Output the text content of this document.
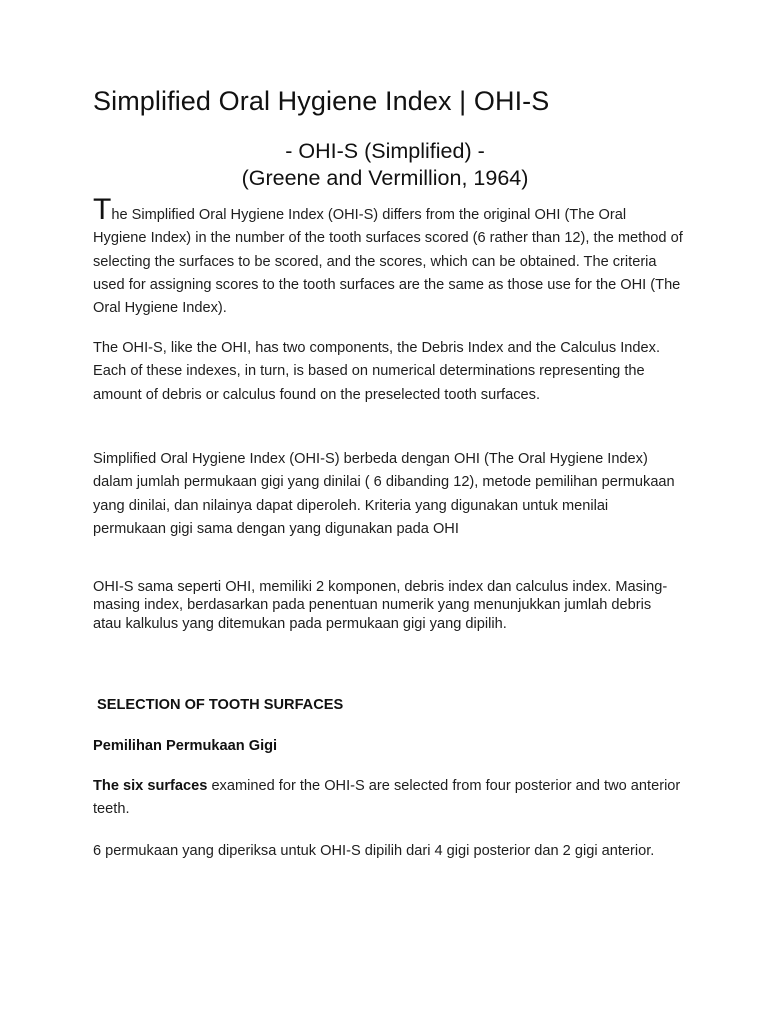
Simplified Oral Hygiene Index | OHI-S
- OHI-S (Simplified) -
(Greene and Vermillion, 1964)

The Simplified Oral Hygiene Index (OHI-S) differs from the original OHI (The Oral Hygiene Index) in the number of the tooth surfaces scored (6 rather than 12), the method of selecting the surfaces to be scored, and the scores, which can be obtained. The criteria used for assigning scores to the tooth surfaces are the same as those use for the OHI (The Oral Hygiene Index).

The OHI-S, like the OHI, has two components, the Debris Index and the Calculus Index. Each of these indexes, in turn, is based on numerical determinations representing the amount of debris or calculus found on the preselected tooth surfaces.

Simplified Oral Hygiene Index (OHI-S) berbeda dengan OHI (The Oral Hygiene Index) dalam jumlah permukaan gigi yang dinilai ( 6 dibanding 12), metode pemilihan permukaan yang dinilai, dan nilainya dapat diperoleh. Kriteria yang digunakan untuk menilai permukaan gigi sama dengan yang digunakan pada OHI

OHI-S sama seperti OHI, memiliki 2 komponen, debris index dan calculus index. Masing-masing index, berdasarkan pada penentuan numerik yang menunjukkan jumlah debris atau kalkulus yang ditemukan pada permukaan gigi yang dipilih.

SELECTION OF TOOTH SURFACES
Pemilihan Permukaan Gigi

The six surfaces examined for the OHI-S are selected from four posterior and two anterior teeth.

6 permukaan yang diperiksa untuk OHI-S dipilih dari 4 gigi posterior dan 2 gigi anterior.
